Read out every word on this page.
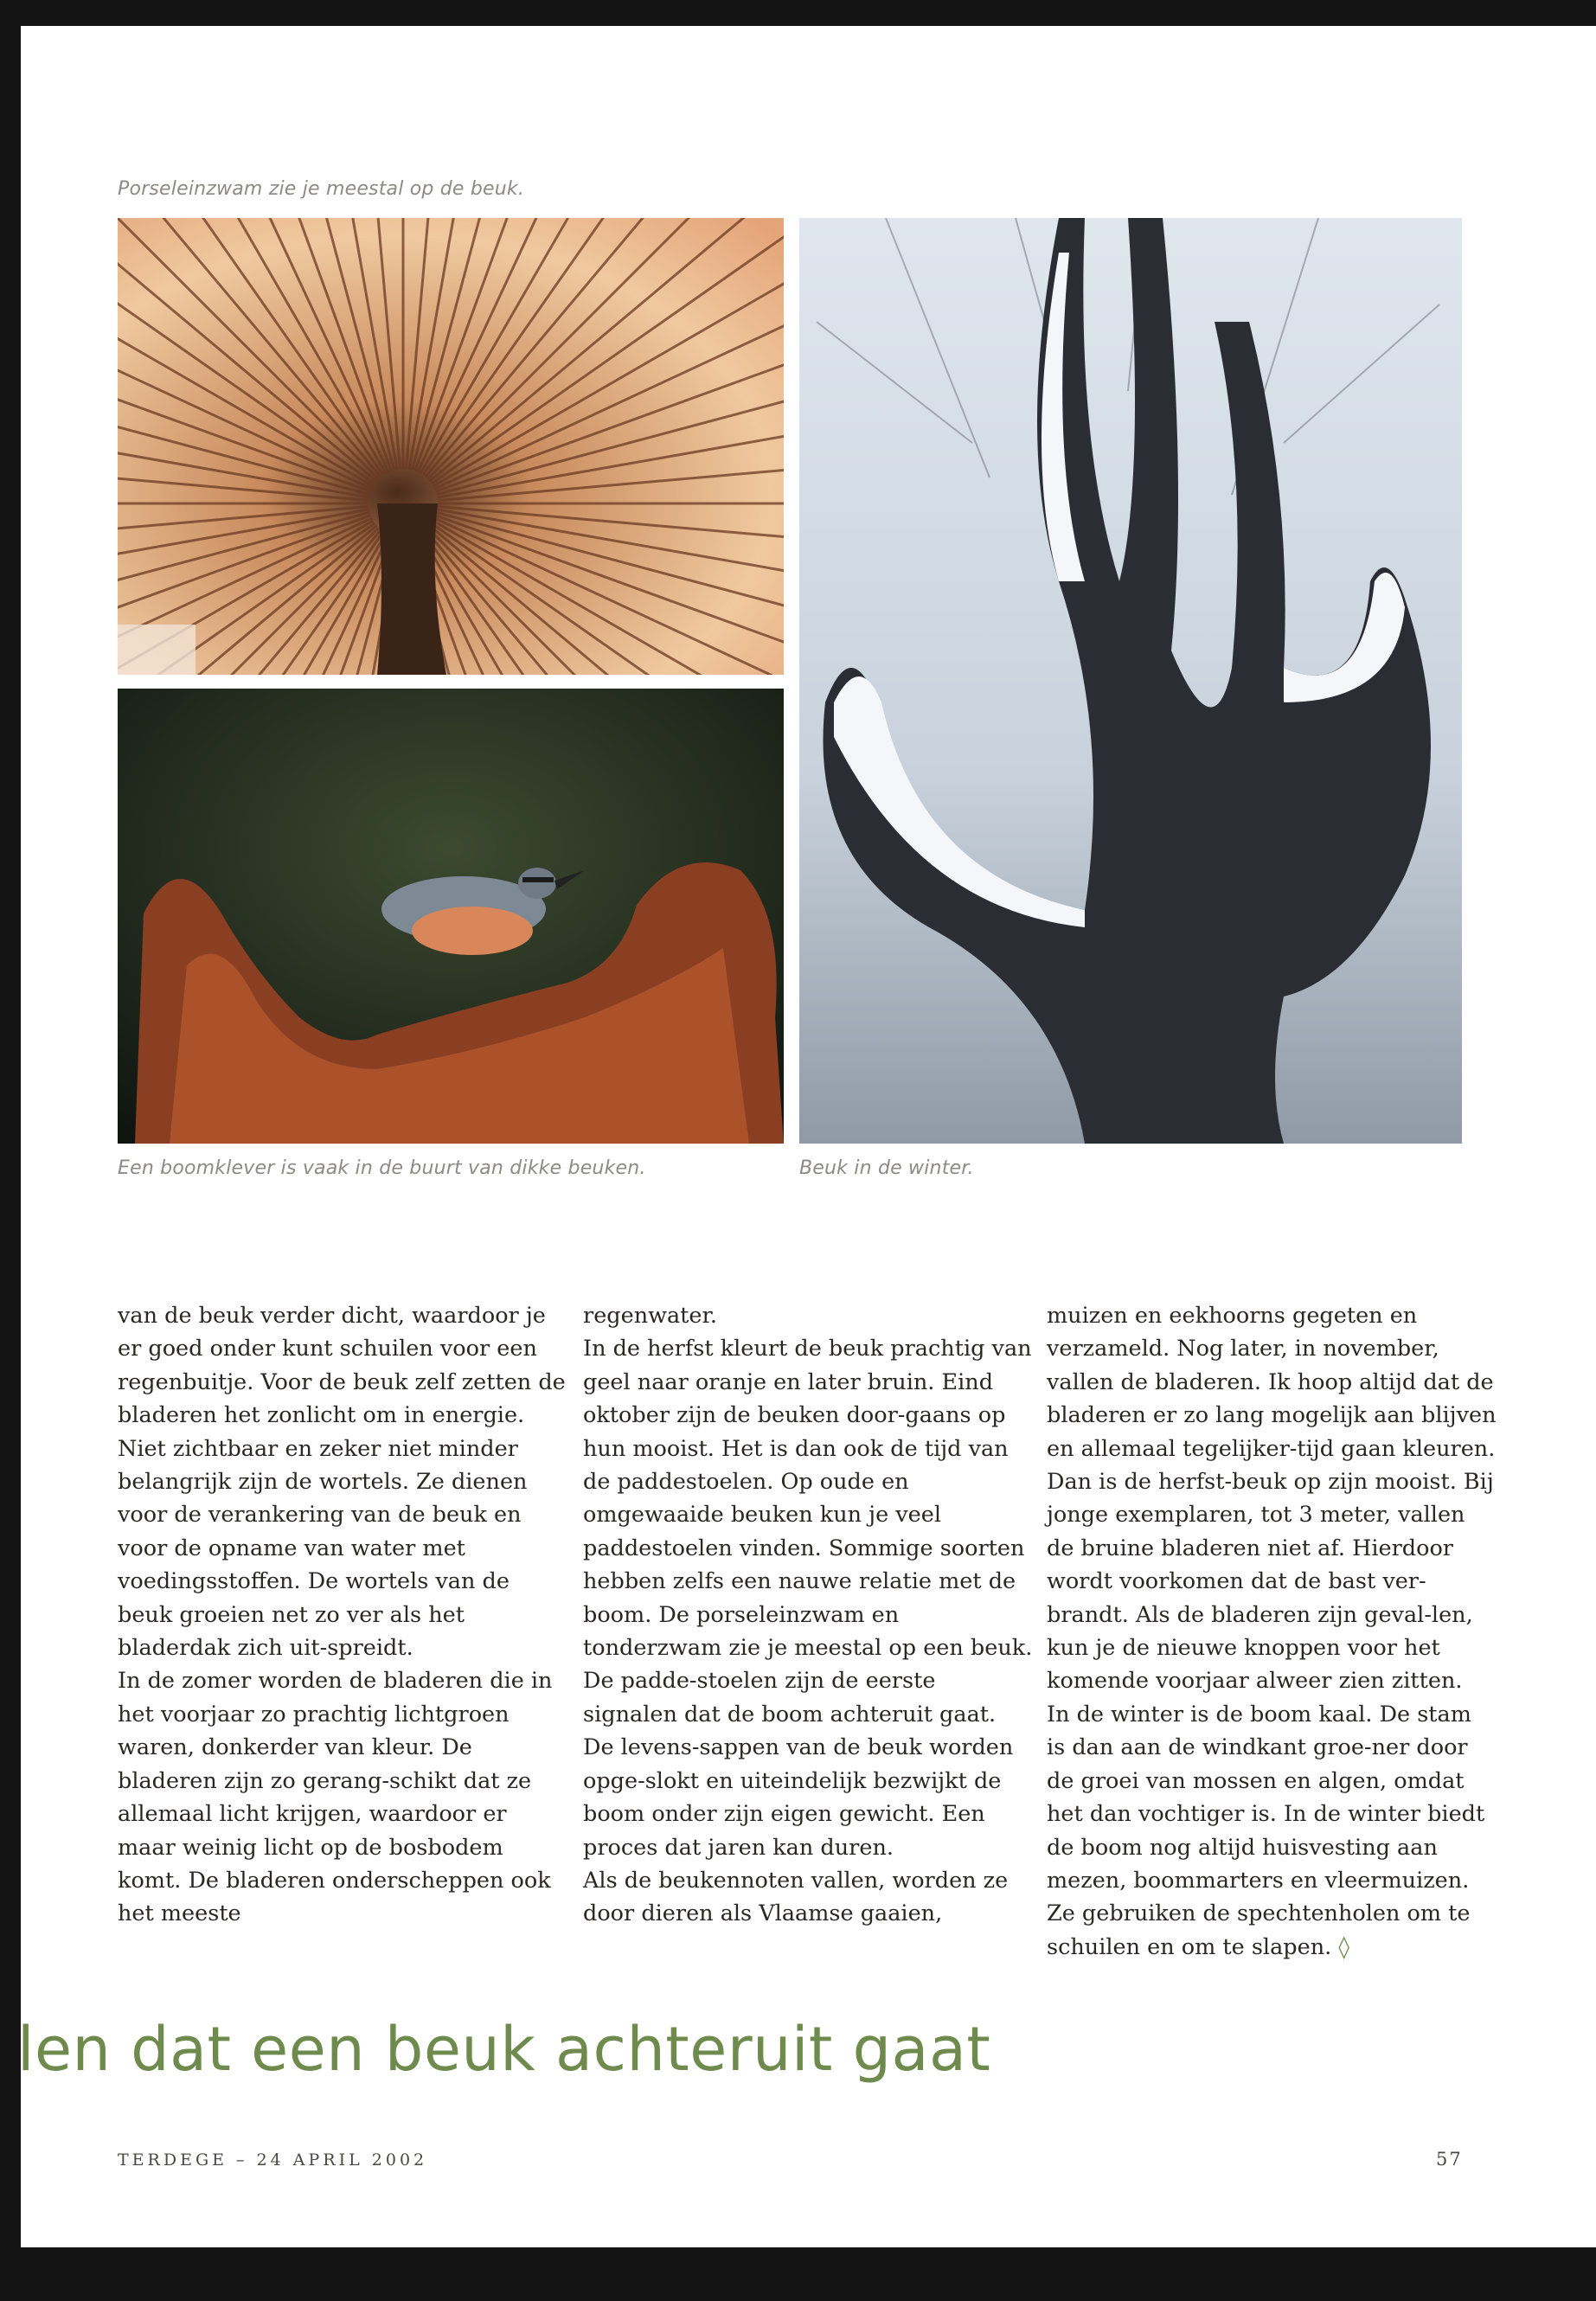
Porseleinzwam zie je meestal op de beuk.
Een boomklever is vaak in de buurt van dikke beuken.	Beuk in de winter.

van de beuk verder dicht, waardoor je er goed onder kunt schuilen voor een regenbuitje. Voor de beuk zelf zetten de bladeren het zonlicht om in energie. Niet zichtbaar en zeker niet minder belangrijk zijn de wortels. Ze dienen voor de verankering van de beuk en voor de opname van water met voedingsstoffen. De wortels van de beuk groeien net zo ver als het bladerdak zich uit-spreidt.

In de zomer worden de bladeren die in het voorjaar zo prachtig lichtgroen waren, donkerder van kleur. De bladeren zijn zo gerang-schikt dat ze allemaal licht krijgen, waardoor er maar weinig licht op de bosbodem komt. De bladeren onderscheppen ook het meeste

regenwater.

In de herfst kleurt de beuk prachtig van geel naar oranje en later bruin. Eind oktober zijn de beuken door-gaans op hun mooist. Het is dan ook de tijd van de paddestoelen. Op oude en omgewaaide beuken kun je veel paddestoelen vinden. Sommige soorten hebben zelfs een nauwe relatie met de boom. De porseleinzwam en tonderzwam zie je meestal op een beuk. De padde-stoelen zijn de eerste signalen dat de boom achteruit gaat. De levens-sappen van de beuk worden opge-slokt en uiteindelijk bezwijkt de boom onder zijn eigen gewicht. Een proces dat jaren kan duren.

Als de beukennoten vallen, worden ze door dieren als Vlaamse gaaien,

muizen en eekhoorns gegeten en verzameld. Nog later, in november, vallen de bladeren. Ik hoop altijd dat de bladeren er zo lang mogelijk aan blijven en allemaal tegelijker-tijd gaan kleuren. Dan is de herfst-beuk op zijn mooist. Bij jonge exemplaren, tot 3 meter, vallen de bruine bladeren niet af. Hierdoor wordt voorkomen dat de bast ver-brandt. Als de bladeren zijn geval-len, kun je de nieuwe knoppen voor het komende voorjaar alweer zien zitten.

In de winter is de boom kaal. De stam is dan aan de windkant groe-ner door de groei van mossen en algen, omdat het dan vochtiger is. In de winter biedt de boom nog altijd huisvesting aan mezen, boommarters en vleermuizen. Ze gebruiken de spechtenholen om te schuilen en om te slapen. ◊

len dat een beuk achteruit gaat
TERDEGE – 24 APRIL 2002	57
